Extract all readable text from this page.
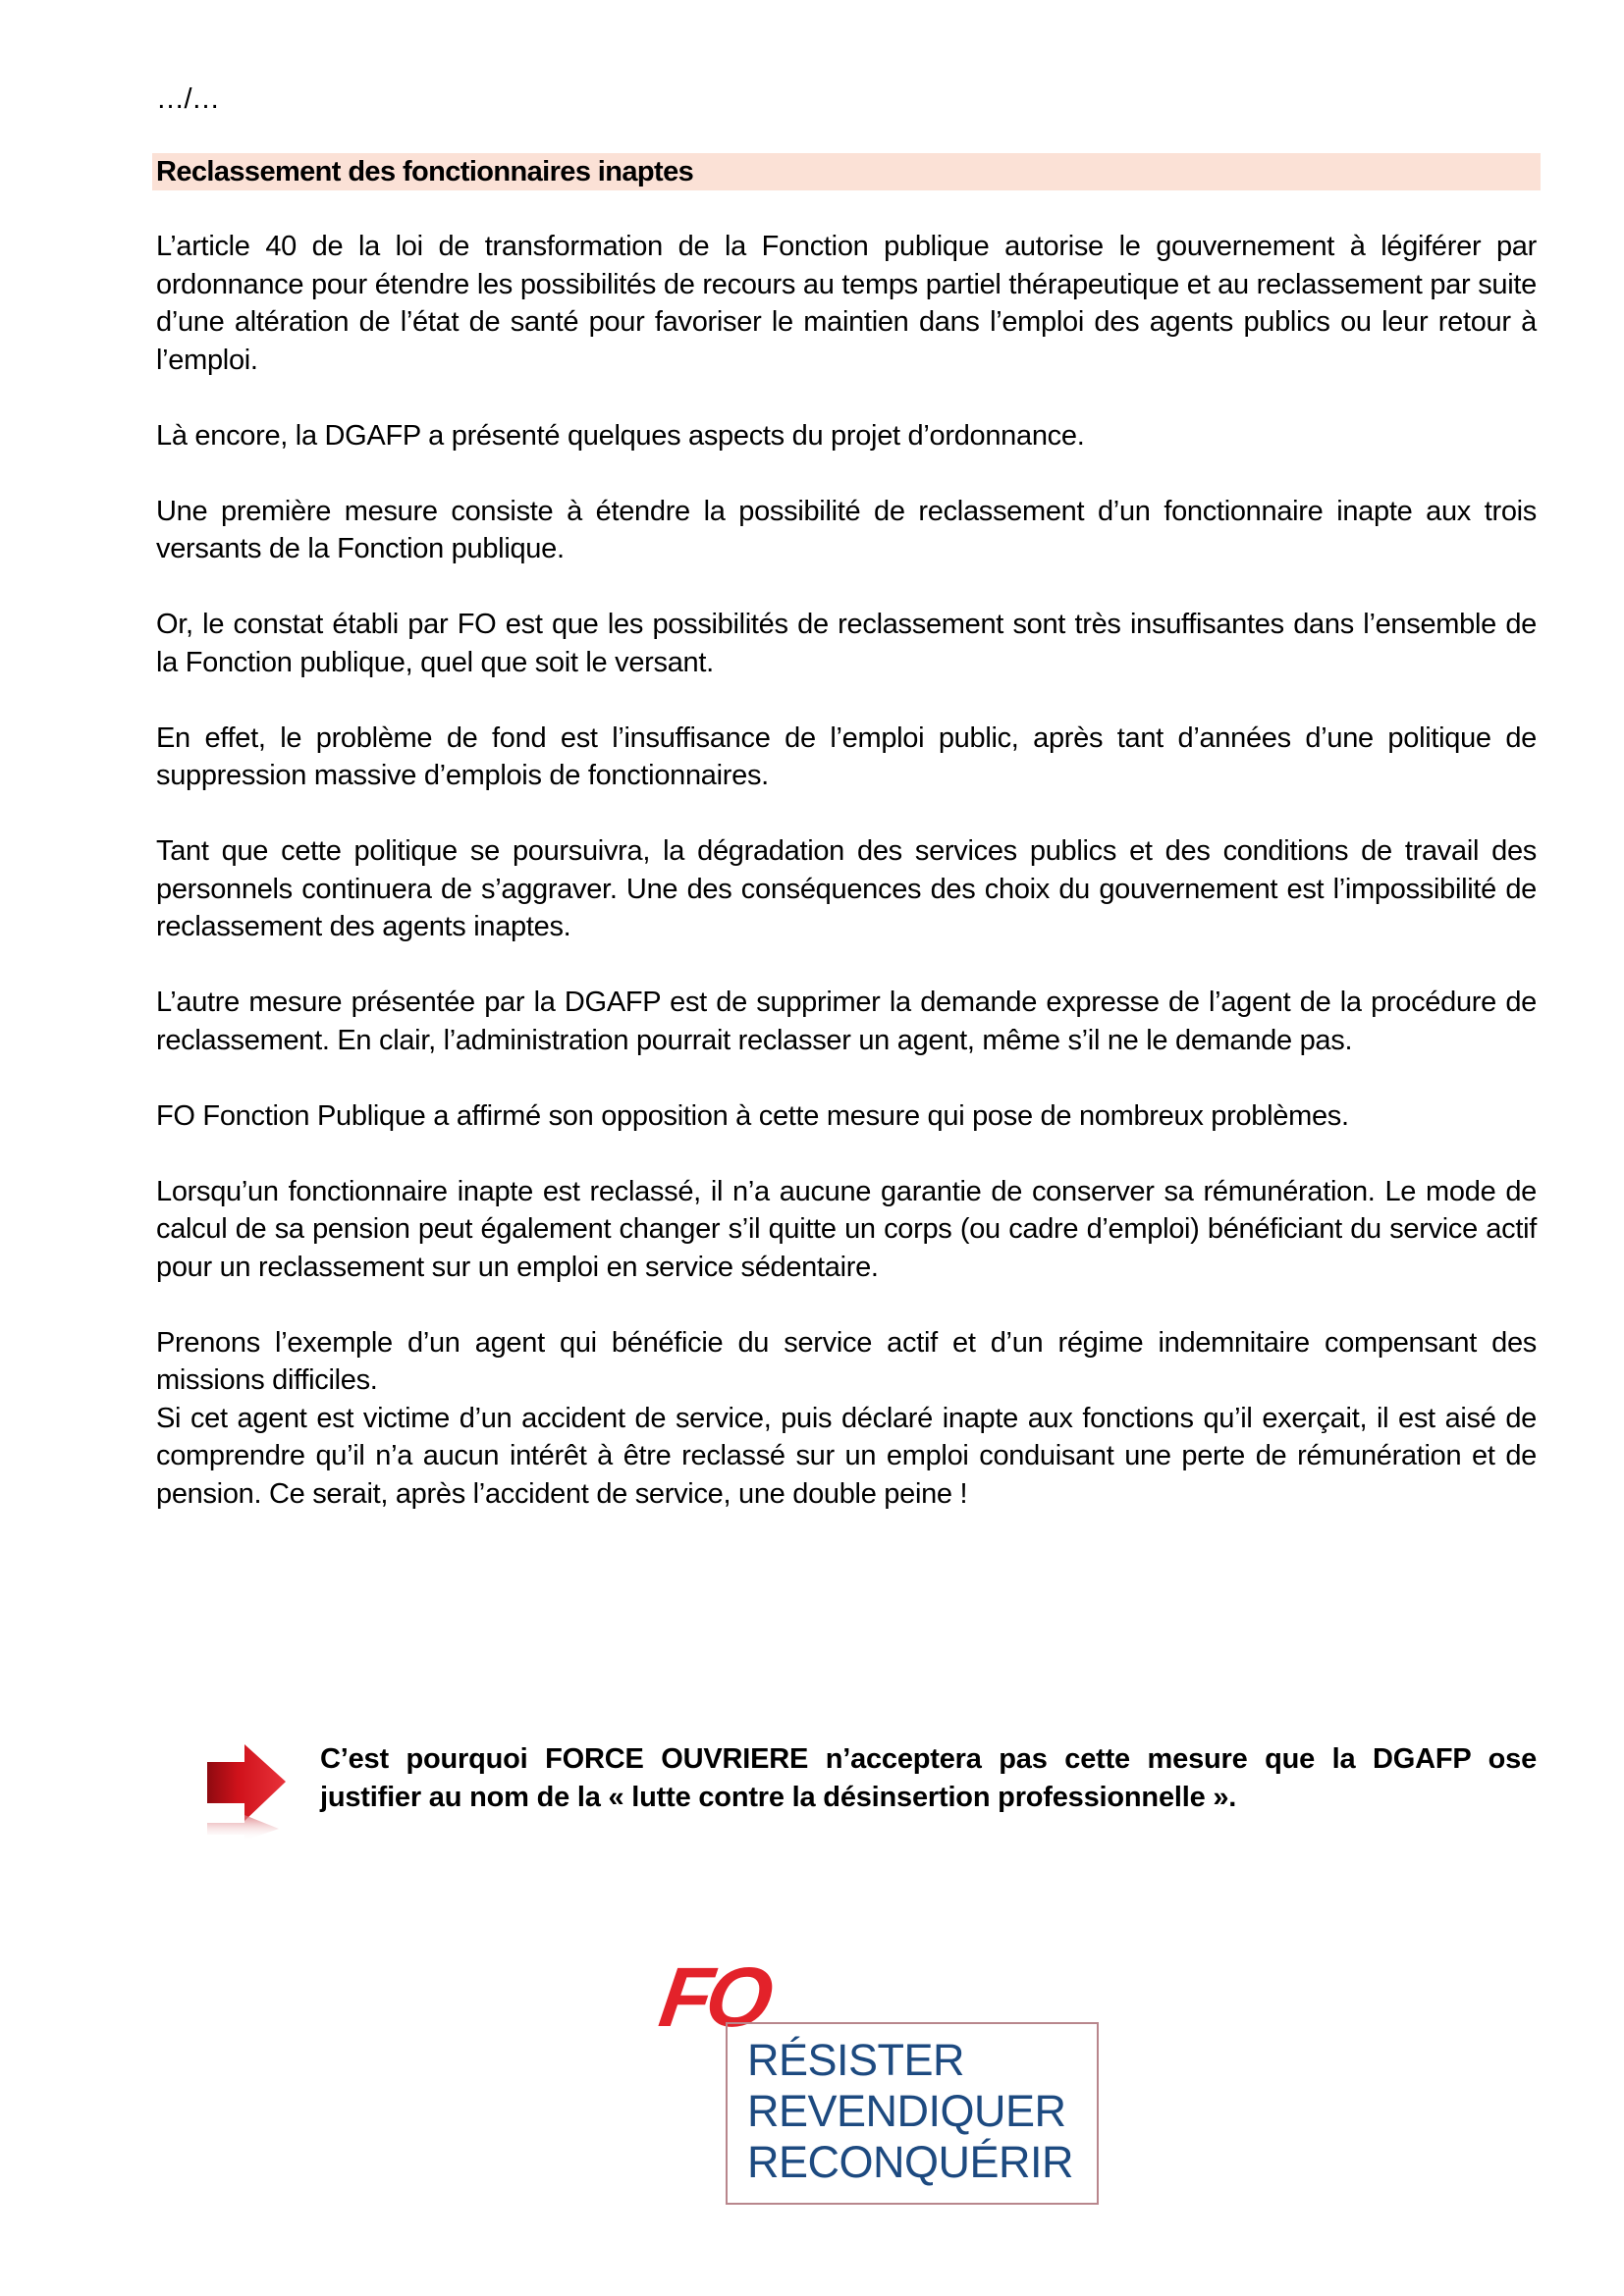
…/…
Reclassement des fonctionnaires inaptes

L’article 40 de la loi de transformation de la Fonction publique autorise le gouvernement à légiférer par ordonnance pour étendre les possibilités de recours au temps partiel thérapeutique et au reclassement par suite d’une altération de l’état de santé pour favoriser le maintien dans l’emploi des agents publics ou leur retour à l’emploi.

Là encore, la DGAFP a présenté quelques aspects du projet d’ordonnance.

Une première mesure consiste à étendre la possibilité de reclassement d’un fonctionnaire inapte aux trois versants de la Fonction publique.

Or, le constat établi par FO est que les possibilités de reclassement sont très insuffisantes dans l’ensemble de la Fonction publique, quel que soit le versant.

En effet, le problème de fond est l’insuffisance de l’emploi public, après tant d’années d’une politique de suppression massive d’emplois de fonctionnaires.

Tant que cette politique se poursuivra, la dégradation des services publics et des conditions de travail des personnels continuera de s’aggraver. Une des conséquences des choix du gouvernement est l’impossibilité de reclassement des agents inaptes.

L’autre mesure présentée par la DGAFP est de supprimer la demande expresse de l’agent de la procédure de reclassement. En clair, l’administration pourrait reclasser un agent, même s’il ne le demande pas.

FO Fonction Publique a affirmé son opposition à cette mesure qui pose de nombreux problèmes.

Lorsqu’un fonctionnaire inapte est reclassé, il n’a aucune garantie de conserver sa rémunération. Le mode de calcul de sa pension peut également changer s’il quitte un corps (ou cadre d’emploi) bénéficiant du service actif pour un reclassement sur un emploi en service sédentaire.

Prenons l’exemple d’un agent qui bénéficie du service actif et d’un régime indemnitaire compensant des missions difficiles.

Si cet agent est victime d’un accident de service, puis déclaré inapte aux fonctions qu’il exerçait, il est aisé de comprendre qu’il n’a aucun intérêt à être reclassé sur un emploi conduisant une perte de rémunération et de pension. Ce serait, après l’accident de service, une double peine !

C’est pourquoi FORCE OUVRIERE n’acceptera pas cette mesure que la DGAFP ose justifier au nom de la « lutte contre la désinsertion professionnelle ».
FO
RÉSISTER
REVENDIQUER
RECONQUÉRIR
